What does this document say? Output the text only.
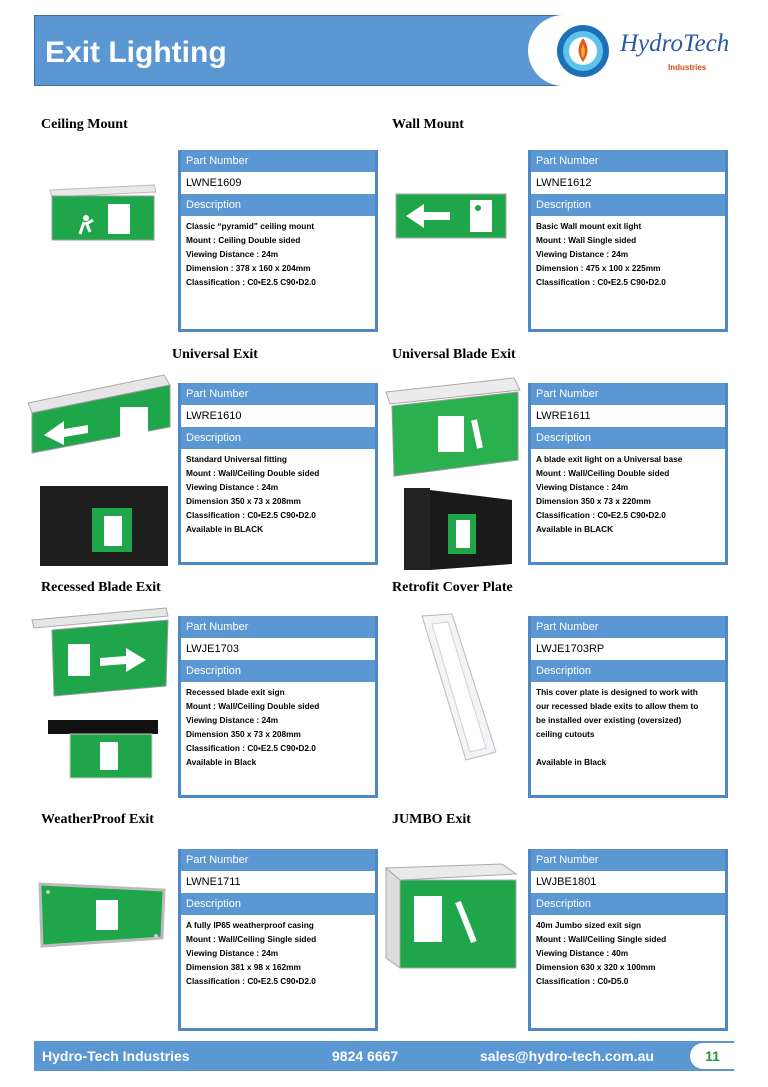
Exit Lighting	HydroTech
Industries
Ceiling Mount	Wall Mount
Universal Exit	Universal Blade Exit
Recessed Blade Exit	Retrofit Cover Plate
WeatherProof Exit	JUMBO Exit
Part Number
LWNE1609
Description
Classic “pyramid” ceiling mount
Mount : Ceiling Double sided
Viewing Distance : 24m
Dimension : 378 x 160 x 204mm
Classification : C0▪E2.5 C90▪D2.0
Part Number
LWNE1612
Description
Basic Wall mount exit light
Mount : Wall Single sided
Viewing Distance : 24m
Dimension : 475 x 100 x 225mm
Classification : C0▪E2.5 C90▪D2.0
Part Number
LWRE1610
Description
Standard Universal fitting
Mount : Wall/Ceiling Double sided
Viewing Distance : 24m
Dimension 350 x 73 x 208mm
Classification : C0▪E2.5 C90▪D2.0
Available in BLACK
Part Number
LWRE1611
Description
A blade exit light on a Universal base
Mount : Wall/Ceiling Double sided
Viewing Distance : 24m
Dimension 350 x 73 x 220mm
Classification : C0▪E2.5 C90▪D2.0
Available in BLACK
Part Number
LWJE1703
Description
Recessed blade exit sign
Mount : Wall/Ceiling Double sided
Viewing Distance : 24m
Dimension 350 x 73 x 208mm
Classification : C0▪E2.5 C90▪D2.0
Available in Black
Part Number
LWJE1703RP
Description
This cover plate is designed to work with
our recessed blade exits to allow them to
be installed over existing (oversized)
ceiling cutouts
Available in Black
Part Number
LWNE1711
Description
A fully IP65 weatherproof casing
Mount : Wall/Ceiling Single sided
Viewing Distance : 24m
Dimension 381 x 98 x 162mm
Classification : C0▪E2.5 C90▪D2.0
Part Number
LWJBE1801
Description
40m Jumbo sized exit sign
Mount : Wall/Ceiling Single sided
Viewing Distance : 40m
Dimension 630 x 320 x 100mm
Classification : C0▪D5.0
Hydro-Tech Industries	9824 6667	sales@hydro-tech.com.au	11
